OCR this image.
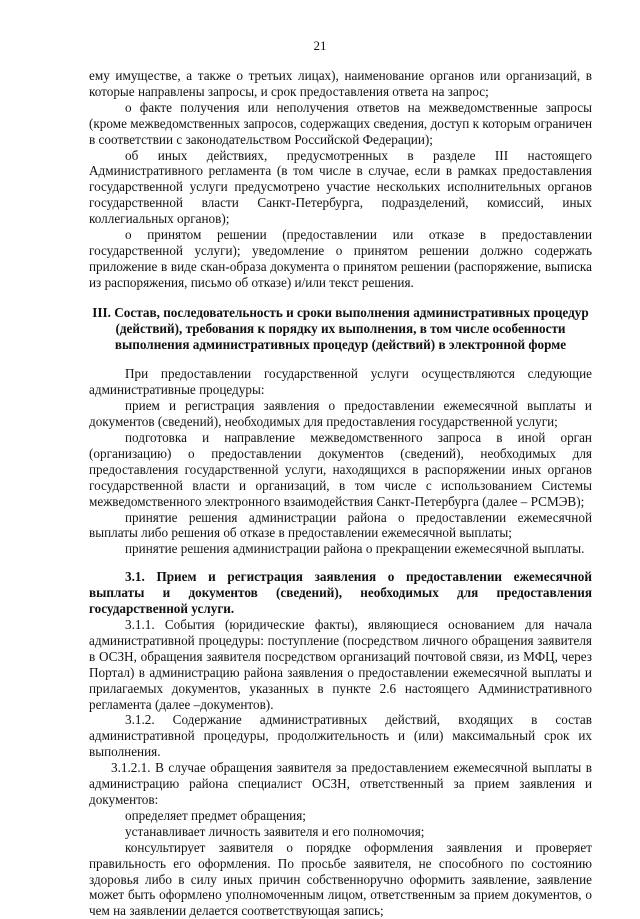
21

ему имуществе, а также о третьих лицах), наименование органов или организаций, в которые направлены запросы, и срок предоставления ответа на запрос;

о факте получения или неполучения ответов на межведомственные запросы (кроме межведомственных запросов, содержащих сведения, доступ к которым ограничен в соответствии с законодательством Российской Федерации);

об иных действиях, предусмотренных в разделе III настоящего Административного регламента (в том числе в случае, если в рамках предоставления государственной услуги предусмотрено участие нескольких исполнительных органов государственной власти Санкт-Петербурга, подразделений, комиссий, иных коллегиальных органов);

о принятом решении (предоставлении или отказе в предоставлении государственной услуги); уведомление о принятом решении должно содержать приложение в виде скан-образа документа о принятом решении (распоряжение, выписка из распоряжения, письмо об отказе) и/или текст решения.

III. Состав, последовательность и сроки выполнения административных процедур (действий), требования к порядку их выполнения, в том числе особенности выполнения административных процедур (действий) в электронной форме

При предоставлении государственной услуги осуществляются следующие административные процедуры:

прием и регистрация заявления о предоставлении ежемесячной выплаты и документов (сведений), необходимых для предоставления государственной услуги;

подготовка и направление межведомственного запроса в иной орган (организацию) о предоставлении документов (сведений), необходимых для предоставления государственной услуги, находящихся в распоряжении иных органов государственной власти и организаций, в том числе с использованием Системы межведомственного электронного взаимодействия Санкт-Петербурга (далее – РСМЭВ);

принятие решения администрации района о предоставлении ежемесячной выплаты либо решения об отказе в предоставлении ежемесячной выплаты;

принятие решения администрации района о прекращении ежемесячной выплаты.

3.1. Прием и регистрация заявления о предоставлении ежемесячной выплаты и документов (сведений), необходимых для предоставления государственной услуги.

3.1.1. События (юридические факты), являющиеся основанием для начала административной процедуры: поступление (посредством личного обращения заявителя в ОСЗН, обращения заявителя посредством организаций почтовой связи, из МФЦ, через Портал) в администрацию района заявления о предоставлении ежемесячной выплаты и прилагаемых документов, указанных в пункте 2.6 настоящего Административного регламента (далее –документов).

3.1.2. Содержание административных действий, входящих в состав административной процедуры, продолжительность и (или) максимальный срок их выполнения.

3.1.2.1. В случае обращения заявителя за предоставлением ежемесячной выплаты в администрацию района специалист ОСЗН, ответственный за прием заявления и документов:

определяет предмет обращения;

устанавливает личность заявителя и его полномочия;

консультирует заявителя о порядке оформления заявления и проверяет правильность его оформления. По просьбе заявителя, не способного по состоянию здоровья либо в силу иных причин собственноручно оформить заявление, заявление может быть оформлено уполномоченным лицом, ответственным за прием документов, о чем на заявлении делается соответствующая запись;
